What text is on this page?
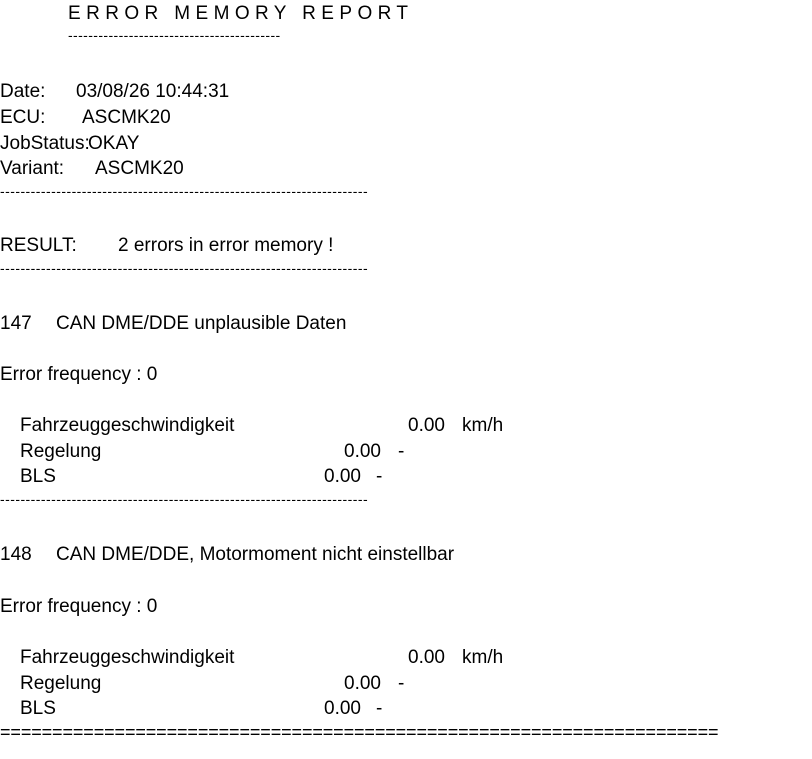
ERROR MEMORY REPORT
------------------------------------------
Date: 03/08/26 10:44:31
ECU: ASCMK20
JobStatus:
OKAY
Variant: ASCMK20
------------------------------------------------------------------------
RESULT: 2 errors in error memory !
------------------------------------------------------------------------
147 CAN DME/DDE unplausible Daten
Error frequency : 0
Fahrzeuggeschwindigkeit	0.00 km/h
Regelung	0.00 -
BLS	0.00 -
------------------------------------------------------------------------
148 CAN DME/DDE, Motormoment nicht einstellbar
Error frequency : 0
Fahrzeuggeschwindigkeit	0.00 km/h
Regelung	0.00 -
BLS	0.00 -
=====================================================================
